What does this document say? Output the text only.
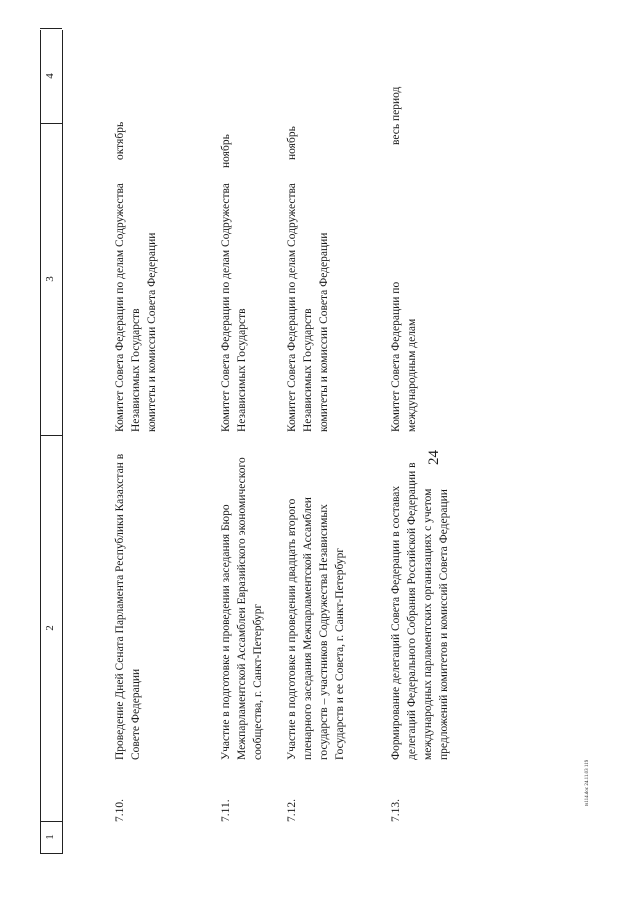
24
1
2
3
4
7.10.
Проведение Дней Сената Парламента Республики Казахстан в Совете Федерации
Комитет Совета Федерации по делам Содружества Независимых Государств
комитеты и комиссии Совета Федерации
октябрь
7.11.
Участие в подготовке и проведении заседания Бюро Межпарламентской Ассамблеи Евразийского экономического сообщества, г. Санкт-Петербург
Комитет Совета Федерации по делам Содружества Независимых Государств
ноябрь
7.12.
Участие в подготовке и проведении двадцать второго пленарного заседания Межпарламентской Ассамблеи государств – участников Содружества Независимых Государств и ее Совета, г. Санкт-Петербург
Комитет Совета Федерации по делам Содружества Независимых Государств
комитеты и комиссии Совета Федерации
ноябрь
7.13.
Формирование делегаций Совета Федерации в составах делегаций Федерального Собрания Российской Федерации в международных парламентских организациях с учетом предложений комитетов и комиссий Совета Федерации
Комитет Совета Федерации по международным делам
весь период
ts114.doc 24.11.03 119
